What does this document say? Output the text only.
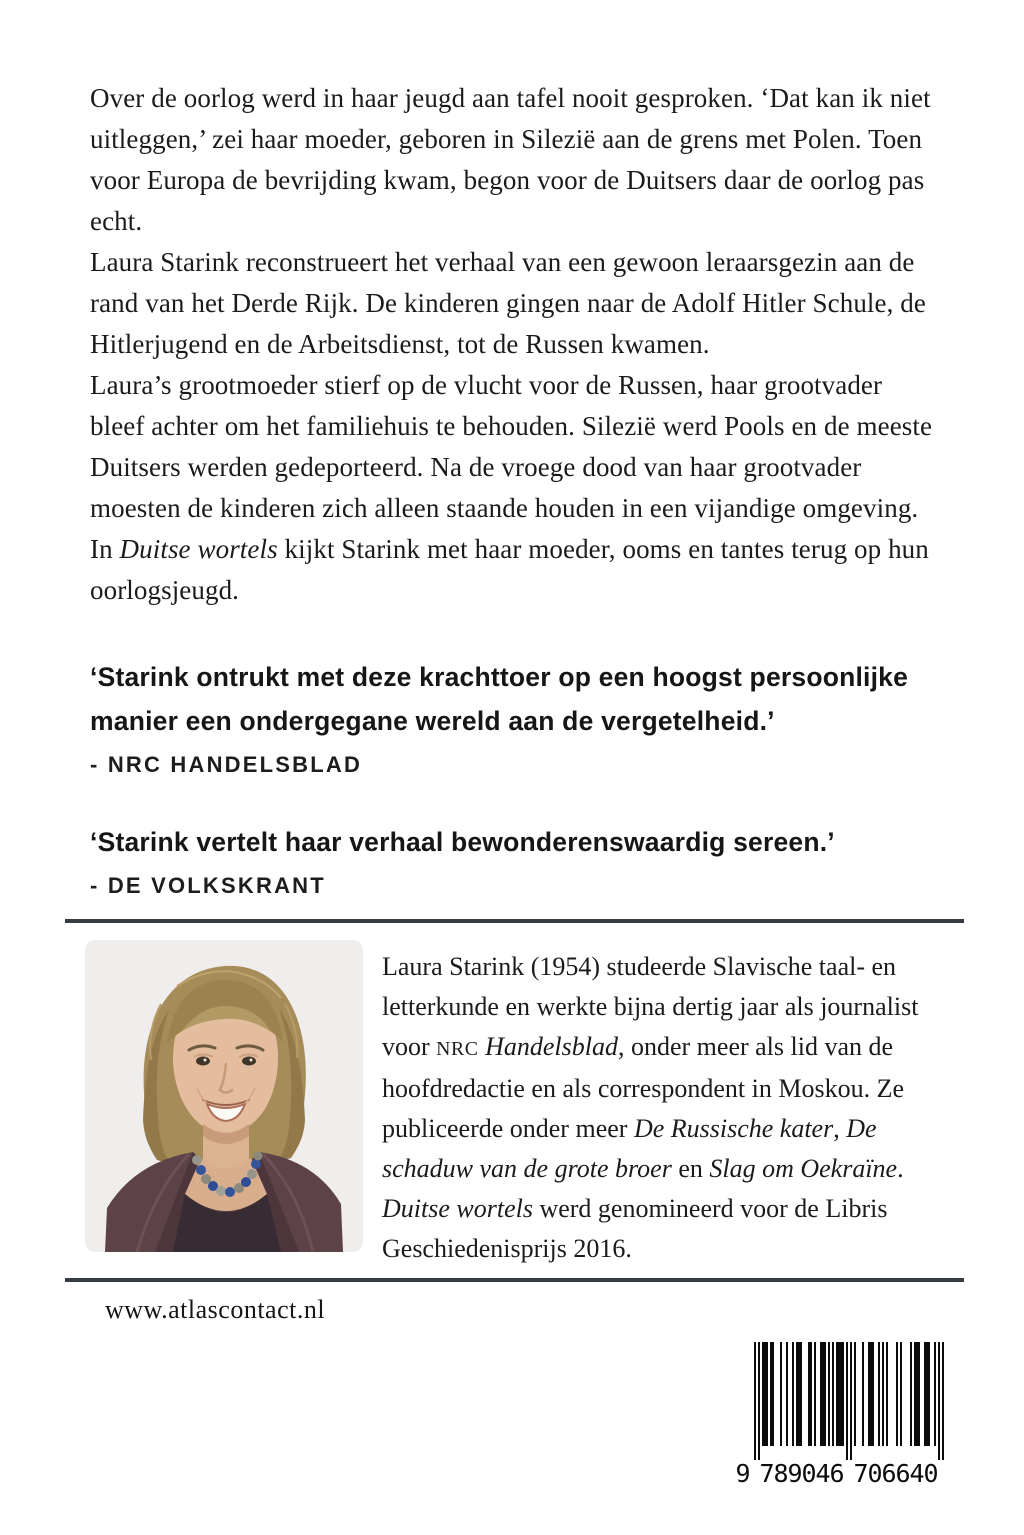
Over de oorlog werd in haar jeugd aan tafel nooit gesproken. ‘Dat kan ik niet uitleggen,’ zei haar moeder, geboren in Silezië aan de grens met Polen. Toen voor Europa de bevrijding kwam, begon voor de Duitsers daar de oorlog pas echt.

Laura Starink reconstrueert het verhaal van een gewoon leraarsgezin aan de rand van het Derde Rijk. De kinderen gingen naar de Adolf Hitler Schule, de Hitlerjugend en de Arbeitsdienst, tot de Russen kwamen.

Laura’s grootmoeder stierf op de vlucht voor de Russen, haar grootvader bleef achter om het familiehuis te behouden. Silezië werd Pools en de meeste Duitsers werden gedeporteerd. Na de vroege dood van haar grootvader moesten de kinderen zich alleen staande houden in een vijandige omgeving.

In Duitse wortels kijkt Starink met haar moeder, ooms en tantes terug op hun oorlogsjeugd.

‘Starink ontrukt met deze krachttoer op een hoogst persoonlijke manier een ondergegane wereld aan de vergetelheid.’

- NRC HANDELSBLAD

‘Starink vertelt haar verhaal bewonderenswaardig sereen.’

- DE VOLKSKRANT

Laura Starink (1954) studeerde Slavische taal- en letterkunde en werkte bijna dertig jaar als journalist voor NRC Handelsblad, onder meer als lid van de hoofdredactie en als correspondent in Moskou. Ze publiceerde onder meer De Russische kater, De schaduw van de grote broer en Slag om Oekraïne. Duitse wortels werd genomineerd voor de Libris Geschiedenisprijs 2016.
www.atlascontact.nl
9 7	7
8	0
9	6
0	6
4	4
6	0
